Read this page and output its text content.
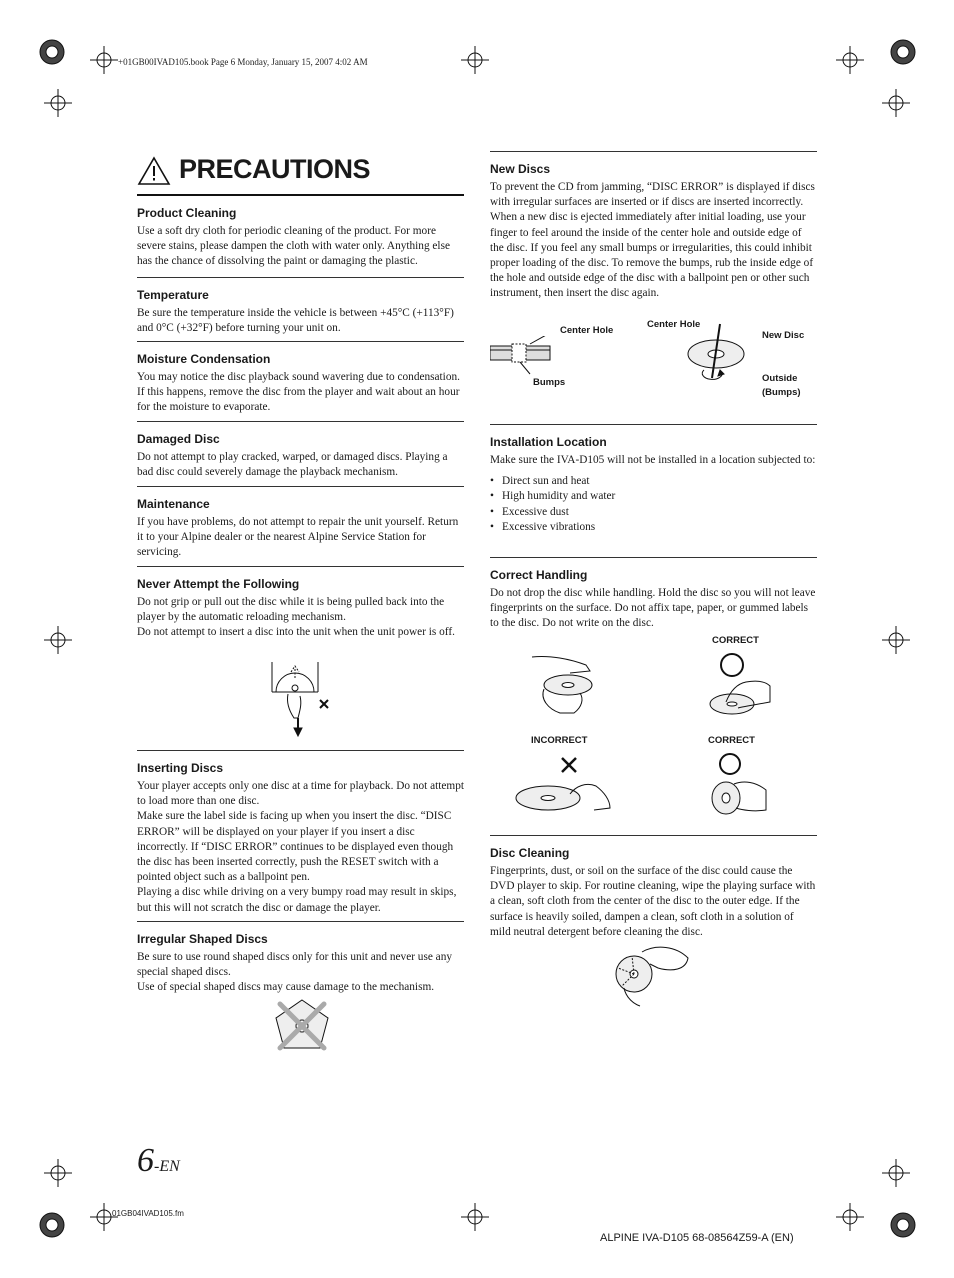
+01GB00IVAD105.book Page 6 Monday, January 15, 2007 4:02 AM
PRECAUTIONS
Product Cleaning

Use a soft dry cloth for periodic cleaning of the product. For more severe stains, please dampen the cloth with water only. Anything else has the chance of dissolving the paint or damaging the plastic.

Temperature

Be sure the temperature inside the vehicle is between +45°C (+113°F) and 0°C (+32°F) before turning your unit on.

Moisture Condensation

You may notice the disc playback sound wavering due to condensation. If this happens, remove the disc from the player and wait about an hour for the moisture to evaporate.

Damaged Disc

Do not attempt to play cracked, warped, or damaged discs. Playing a bad disc could severely damage the playback mechanism.

Maintenance

If you have problems, do not attempt to repair the unit yourself. Return it to your Alpine dealer or the nearest Alpine Service Station for servicing.

Never Attempt the Following

Do not grip or pull out the disc while it is being pulled back into the player by the automatic reloading mechanism.

Do not attempt to insert a disc into the unit when the unit power is off.

Inserting Discs

Your player accepts only one disc at a time for playback. Do not attempt to load more than one disc.

Make sure the label side is facing up when you insert the disc. “DISC ERROR” will be displayed on your player if you insert a disc incorrectly. If “DISC ERROR” continues to be displayed even though the disc has been inserted correctly, push the RESET switch with a pointed object such as a ballpoint pen.

Playing a disc while driving on a very bumpy road may result in skips, but this will not scratch the disc or damage the player.

Irregular Shaped Discs

Be sure to use round shaped discs only for this unit and never use any special shaped discs.

Use of special shaped discs may cause damage to the mechanism.

New Discs

To prevent the CD from jamming, “DISC ERROR” is displayed if discs with irregular surfaces are inserted or if discs are inserted incorrectly. When a new disc is ejected immediately after initial loading, use your finger to feel around the inside of the center hole and outside edge of the disc. If you feel any small bumps or irregularities, this could inhibit proper loading of the disc. To remove the bumps, rub the inside edge of the hole and outside edge of the disc with a ballpoint pen or other such instrument, then insert the disc again.

Center Hole
Bumps
Center Hole
New Disc
Outside
(Bumps)
Installation Location

Make sure the IVA-D105 will not be installed in a location subjected to:

• Direct sun and heat
• High humidity and water
• Excessive dust
• Excessive vibrations
Correct Handling

Do not drop the disc while handling. Hold the disc so you will not leave fingerprints on the surface. Do not affix tape, paper, or gummed labels to the disc. Do not write on the disc.

CORRECT
INCORRECT	CORRECT
Disc Cleaning

Fingerprints, dust, or soil on the surface of the disc could cause the DVD player to skip. For routine cleaning, wipe the playing surface with a clean, soft cloth from the center of the disc to the outer edge. If the surface is heavily soiled, dampen a clean, soft cloth in a solution of mild neutral detergent before cleaning the disc.

6-EN
01GB04IVAD105.fm
ALPINE IVA-D105 68-08564Z59-A (EN)
